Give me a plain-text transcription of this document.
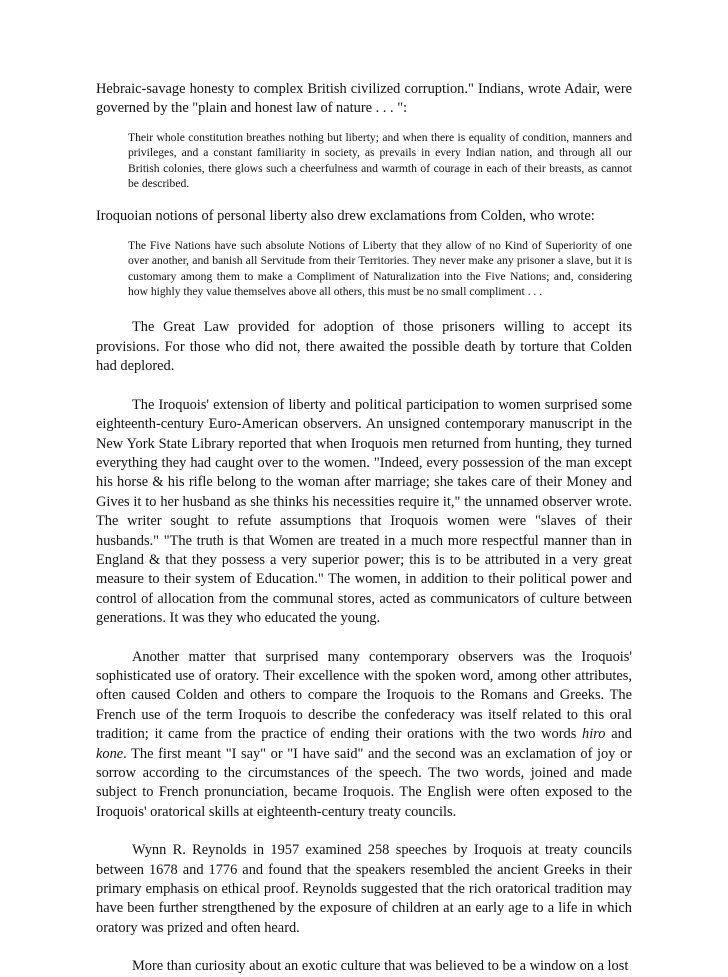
Hebraic-savage honesty to complex British civilized corruption." Indians, wrote Adair, were governed by the "plain and honest law of nature . . . ":

Their whole constitution breathes nothing but liberty; and when there is equality of condition, manners and privileges, and a constant familiarity in society, as prevails in every Indian nation, and through all our British colonies, there glows such a cheerfulness and warmth of courage in each of their breasts, as cannot be described.

Iroquoian notions of personal liberty also drew exclamations from Colden, who wrote:

The Five Nations have such absolute Notions of Liberty that they allow of no Kind of Superiority of one over another, and banish all Servitude from their Territories. They never make any prisoner a slave, but it is customary among them to make a Compliment of Naturalization into the Five Nations; and, considering how highly they value themselves above all others, this must be no small compliment . . .

The Great Law provided for adoption of those prisoners willing to accept its provisions. For those who did not, there awaited the possible death by torture that Colden had deplored.

The Iroquois' extension of liberty and political participation to women surprised some eighteenth-century Euro-American observers. An unsigned contemporary manuscript in the New York State Library reported that when Iroquois men returned from hunting, they turned everything they had caught over to the women. "Indeed, every possession of the man except his horse & his rifle belong to the woman after marriage; she takes care of their Money and Gives it to her husband as she thinks his necessities require it," the unnamed observer wrote. The writer sought to refute assumptions that Iroquois women were "slaves of their husbands." "The truth is that Women are treated in a much more respectful manner than in England & that they possess a very superior power; this is to be attributed in a very great measure to their system of Education." The women, in addition to their political power and control of allocation from the communal stores, acted as communicators of culture between generations. It was they who educated the young.

Another matter that surprised many contemporary observers was the Iroquois' sophisticated use of oratory. Their excellence with the spoken word, among other attributes, often caused Colden and others to compare the Iroquois to the Romans and Greeks. The French use of the term Iroquois to describe the confederacy was itself related to this oral tradition; it came from the practice of ending their orations with the two words hiro and kone. The first meant "I say" or "I have said" and the second was an exclamation of joy or sorrow according to the circumstances of the speech. The two words, joined and made subject to French pronunciation, became Iroquois. The English were often exposed to the Iroquois' oratorical skills at eighteenth-century treaty councils.

Wynn R. Reynolds in 1957 examined 258 speeches by Iroquois at treaty councils between 1678 and 1776 and found that the speakers resembled the ancient Greeks in their primary emphasis on ethical proof. Reynolds suggested that the rich oratorical tradition may have been further strengthened by the exposure of children at an early age to a life in which oratory was prized and often heard.

More than curiosity about an exotic culture that was believed to be a window on a lost
